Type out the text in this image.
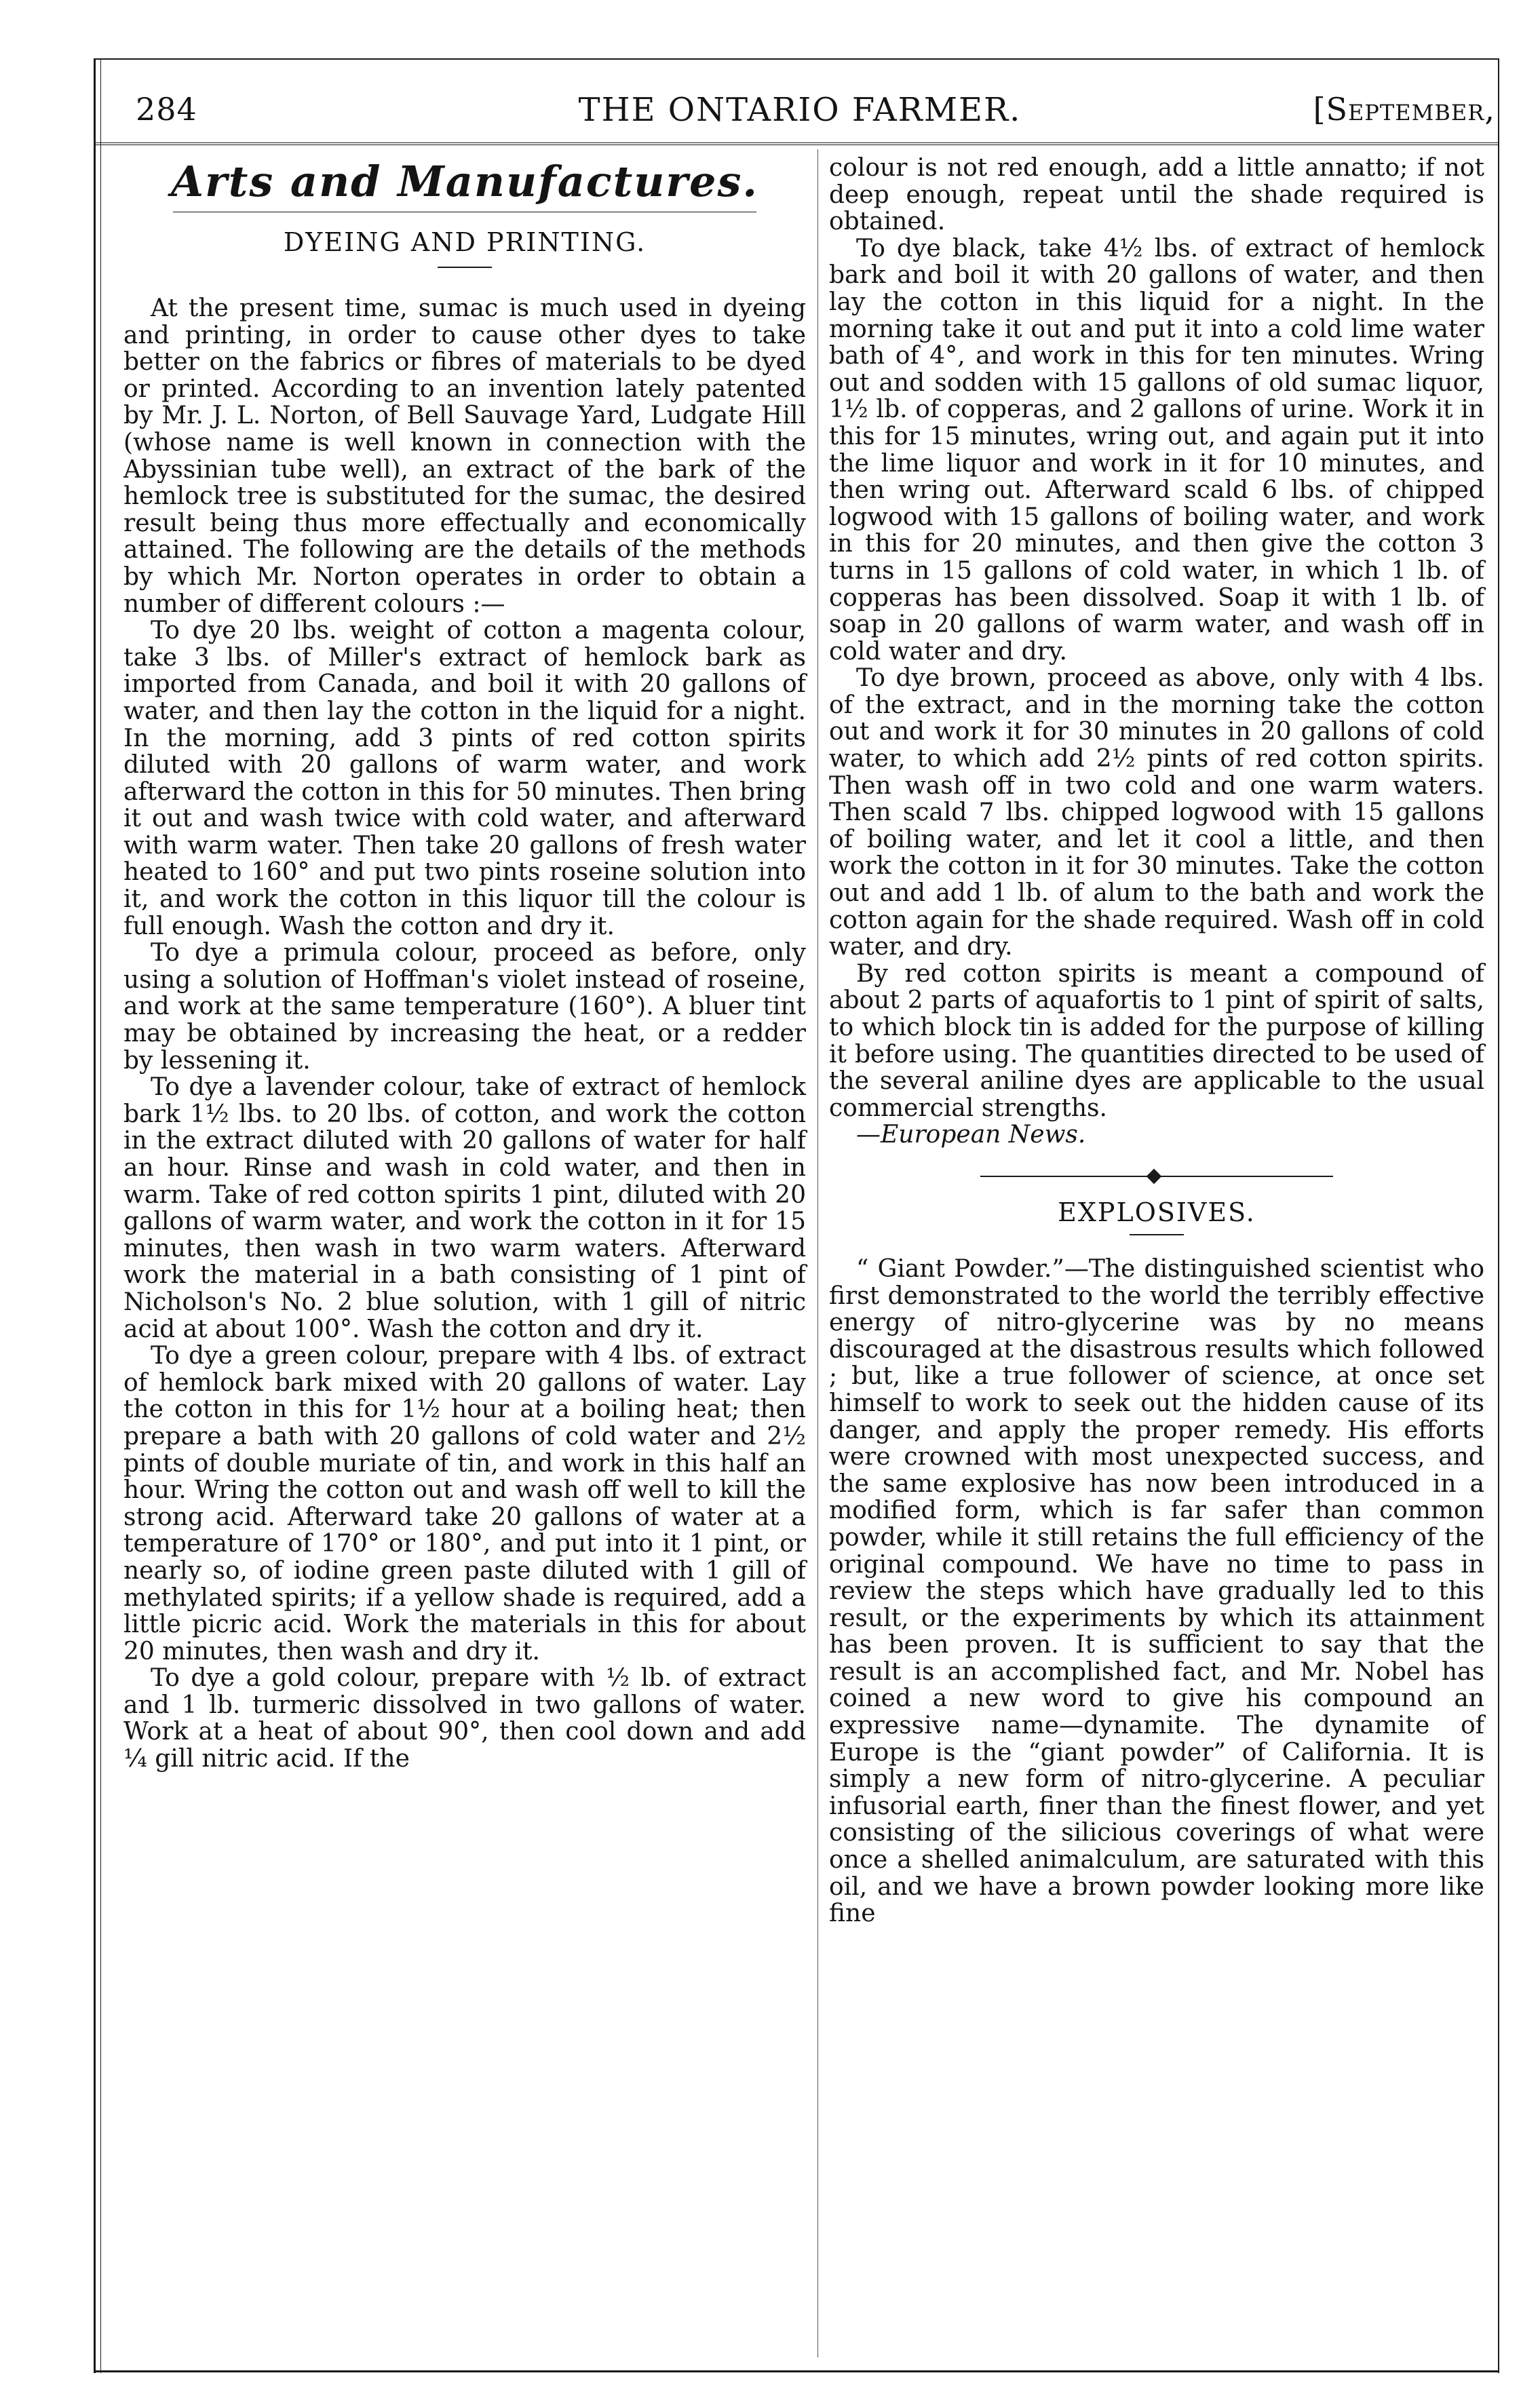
284	THE ONTARIO FARMER.	[September,
Arts and Manufactures.
DYEING AND PRINTING.

At the present time, sumac is much used in dyeing and printing, in order to cause other dyes to take better on the fabrics or fibres of materials to be dyed or printed. According to an invention lately patented by Mr. J. L. Norton, of Bell Sauvage Yard, Ludgate Hill (whose name is well known in connection with the Abyssinian tube well), an extract of the bark of the hemlock tree is substituted for the sumac, the desired result being thus more effectually and economically attained. The following are the details of the methods by which Mr. Norton operates in order to obtain a number of different colours :—

To dye 20 lbs. weight of cotton a magenta colour, take 3 lbs. of Miller's extract of hemlock bark as imported from Canada, and boil it with 20 gallons of water, and then lay the cotton in the liquid for a night. In the morning, add 3 pints of red cotton spirits diluted with 20 gallons of warm water, and work afterward the cotton in this for 50 minutes. Then bring it out and wash twice with cold water, and afterward with warm water. Then take 20 gallons of fresh water heated to 160° and put two pints roseine solution into it, and work the cotton in this liquor till the colour is full enough. Wash the cotton and dry it.

To dye a primula colour, proceed as before, only using a solution of Hoffman's violet instead of roseine, and work at the same temperature (160°). A bluer tint may be obtained by increasing the heat, or a redder by lessening it.

To dye a lavender colour, take of extract of hemlock bark 1½ lbs. to 20 lbs. of cotton, and work the cotton in the extract diluted with 20 gallons of water for half an hour. Rinse and wash in cold water, and then in warm. Take of red cotton spirits 1 pint, diluted with 20 gallons of warm water, and work the cotton in it for 15 minutes, then wash in two warm waters. Afterward work the material in a bath consisting of 1 pint of Nicholson's No. 2 blue solution, with 1 gill of nitric acid at about 100°. Wash the cotton and dry it.

To dye a green colour, prepare with 4 lbs. of extract of hemlock bark mixed with 20 gallons of water. Lay the cotton in this for 1½ hour at a boiling heat; then prepare a bath with 20 gallons of cold water and 2½ pints of double muriate of tin, and work in this half an hour. Wring the cotton out and wash off well to kill the strong acid. Afterward take 20 gallons of water at a temperature of 170° or 180°, and put into it 1 pint, or nearly so, of iodine green paste diluted with 1 gill of methylated spirits; if a yellow shade is required, add a little picric acid. Work the materials in this for about 20 minutes, then wash and dry it.

To dye a gold colour, prepare with ½ lb. of extract and 1 lb. turmeric dissolved in two gallons of water. Work at a heat of about 90°, then cool down and add ¼ gill nitric acid. If the

colour is not red enough, add a little annatto; if not deep enough, repeat until the shade required is obtained.

To dye black, take 4½ lbs. of extract of hemlock bark and boil it with 20 gallons of water, and then lay the cotton in this liquid for a night. In the morning take it out and put it into a cold lime water bath of 4°, and work in this for ten minutes. Wring out and sodden with 15 gallons of old sumac liquor, 1½ lb. of copperas, and 2 gallons of urine. Work it in this for 15 minutes, wring out, and again put it into the lime liquor and work in it for 10 minutes, and then wring out. Afterward scald 6 lbs. of chipped logwood with 15 gallons of boiling water, and work in this for 20 minutes, and then give the cotton 3 turns in 15 gallons of cold water, in which 1 lb. of copperas has been dissolved. Soap it with 1 lb. of soap in 20 gallons of warm water, and wash off in cold water and dry.

To dye brown, proceed as above, only with 4 lbs. of the extract, and in the morning take the cotton out and work it for 30 minutes in 20 gallons of cold water, to which add 2½ pints of red cotton spirits. Then wash off in two cold and one warm waters. Then scald 7 lbs. chipped logwood with 15 gallons of boiling water, and let it cool a little, and then work the cotton in it for 30 minutes. Take the cotton out and add 1 lb. of alum to the bath and work the cotton again for the shade required. Wash off in cold water, and dry.

By red cotton spirits is meant a compound of about 2 parts of aquafortis to 1 pint of spirit of salts, to which block tin is added for the purpose of killing it before using. The quantities directed to be used of the several aniline dyes are applicable to the usual commercial strengths.

—European News.

EXPLOSIVES.

“ Giant Powder.”—The distinguished scientist who first demonstrated to the world the terribly effective energy of nitro-glycerine was by no means discouraged at the disastrous results which followed ; but, like a true follower of science, at once set himself to work to seek out the hidden cause of its danger, and apply the proper remedy. His efforts were crowned with most unexpected success, and the same explosive has now been introduced in a modified form, which is far safer than common powder, while it still retains the full efficiency of the original compound. We have no time to pass in review the steps which have gradually led to this result, or the experiments by which its attainment has been proven. It is sufficient to say that the result is an accomplished fact, and Mr. Nobel has coined a new word to give his compound an expressive name—dynamite. The dynamite of Europe is the “giant powder” of California. It is simply a new form of nitro-glycerine. A peculiar infusorial earth, finer than the finest flower, and yet consisting of the silicious coverings of what were once a shelled animalculum, are saturated with this oil, and we have a brown powder looking more like fine
